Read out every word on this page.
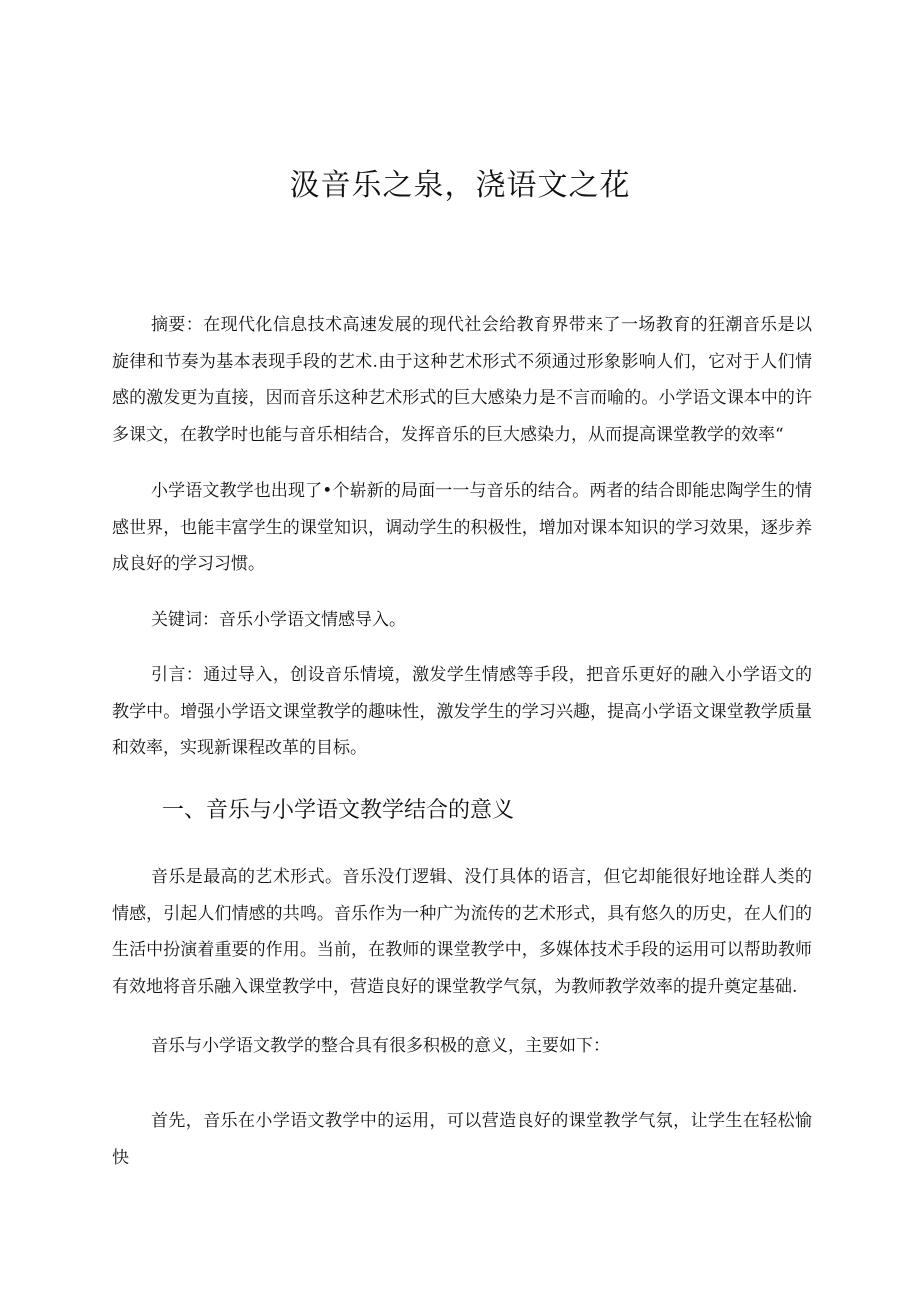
汲音乐之泉，浇语文之花

摘要：在现代化信息技术高速发展的现代社会给教育界带来了一场教育的狂潮音乐是以旋律和节奏为基本表现手段的艺术.由于这种艺术形式不须通过形象影响人们，它对于人们情感的激发更为直接，因而音乐这种艺术形式的巨大感染力是不言而喻的。小学语文课本中的许多课文，在教学时也能与音乐相结合，发挥音乐的巨大感染力，从而提高课堂教学的效率“

小学语文教学也出现了•个崭新的局面一一与音乐的结合。两者的结合即能忠陶学生的情感世界，也能丰富学生的课堂知识，调动学生的积极性，增加对课本知识的学习效果，逐步养成良好的学习习惯。

关键词：音乐小学语文情感导入。

引言：通过导入，创设音乐情境，激发学生情感等手段，把音乐更好的融入小学语文的教学中。增强小学语文课堂教学的趣味性，激发学生的学习兴趣，提高小学语文课堂教学质量和效率，实现新课程改革的目标。

一、音乐与小学语文教学结合的意义

音乐是最高的艺术形式。音乐没仃逻辑、没仃具体的语言，但它却能很好地诠群人类的情感，引起人们情感的共鸣。音乐作为一种广为流传的艺术形式，具有悠久的历史，在人们的生活中扮演着重要的作用。当前，在教师的课堂教学中，多媒体技术手段的运用可以帮助教师有效地将音乐融入课堂教学中，营造良好的课堂教学气氛，为教师教学效率的提升奠定基础.

音乐与小学语文教学的整合具有很多积极的意义，主要如下：

首先，音乐在小学语文教学中的运用，可以营造良好的课堂教学气氛，让学生在轻松愉快
